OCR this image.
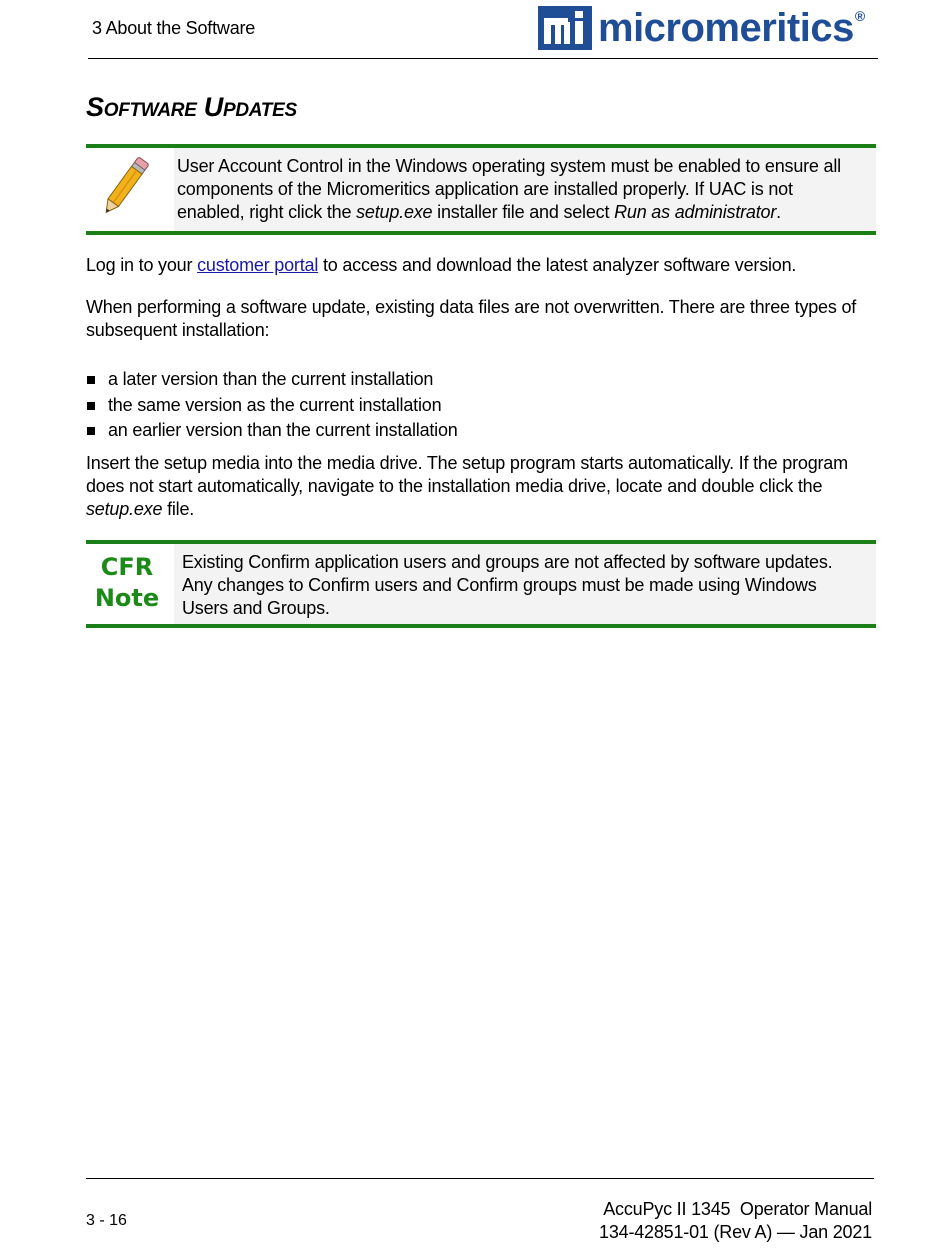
3 About the Software	micromeritics®
Software Updates
User Account Control in the Windows operating system must be enabled to ensure all components of the Micromeritics application are installed properly. If UAC is not enabled, right click the setup.exe installer file and select Run as administrator.

Log in to your customer portal to access and download the latest analyzer software version.

When performing a software update, existing data files are not overwritten. There are three types of subsequent installation:

a later version than the current installation
the same version as the current installation
an earlier version than the current installation

Insert the setup media into the media drive. The setup program starts automatically. If the program does not start automatically, navigate to the installation media drive, locate and double click the setup.exe file.

CFR
Note
Existing Confirm application users and groups are not affected by software updates. Any changes to Confirm users and Confirm groups must be made using Windows Users and Groups.
3 - 16
AccuPyc II 1345  Operator Manual
134-42851-01 (Rev A) — Jan 2021
